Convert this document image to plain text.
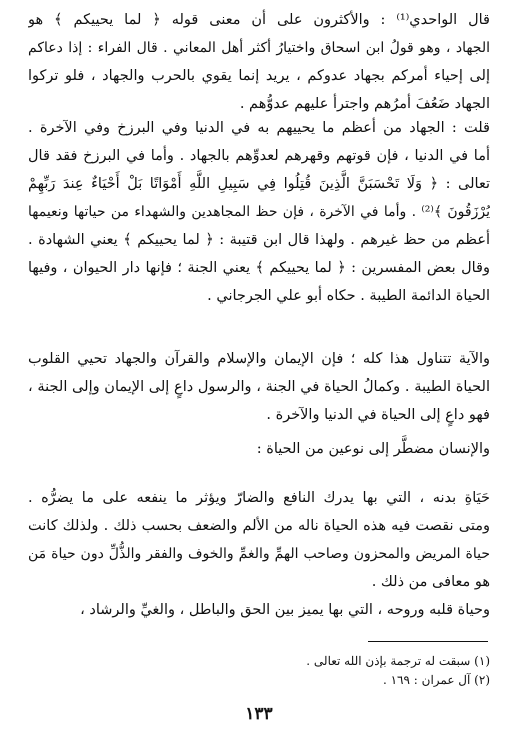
قال الواحدي⁽¹⁾ : والأكثرون على أن معنى قوله ﴿ لما يحييكم ﴾ هو
الجهاد ، وهو قولُ ابن اسحاق واختيارُ أكثر أهل المعاني . قال الفراء : إذا دعاكم
إلى إحياء أمركم بجهاد عدوكم ، يريد إنما يقوي بالحرب والجهاد ، فلو تركوا
الجهاد ضَعُفَ أمرُهم واجترأ عليهم عدوُّهم .
قلت : الجهاد من أعظم ما يحييهم به في الدنيا وفي البرزخ وفي الآخرة .
أما في الدنيا ، فإن قوتهم وقهرهم لعدوِّهم بالجهاد . وأما في البرزخ فقد قال
تعالى : ﴿ وَلَا تَحْسَبَنَّ الَّذِينَ قُتِلُوا فِي سَبِيلِ اللَّهِ أَمْوَاتًا بَلْ أَحْيَاءٌ عِندَ رَبِّهِمْ
يُرْزَقُونَ ﴾⁽²⁾ . وأما في الآخرة ، فإن حظ المجاهدين والشهداء من حياتها ونعيمها
أعظم من حظ غيرهم . ولهذا قال ابن قتيبة : ﴿ لما يحييكم ﴾ يعني الشهادة .
وقال بعض المفسرين : ﴿ لما يحييكم ﴾ يعني الجنة ؛ فإنها دار الحيوان ، وفيها
الحياة الدائمة الطيبة . حكاه أبو علي الجرجاني .
والآية تتناول هذا كله ؛ فإن الإيمان والإسلام والقرآن والجهاد تحيي القلوب
الحياة الطيبة . وكمالُ الحياة في الجنة ، والرسول داعٍ إلى الإيمان وإلى الجنة ،
فهو داعٍ إلى الحياة في الدنيا والآخرة .
والإنسان مضطَّر إلى نوعين من الحياة :
حَيَاةِ بدنه ، التي بها يدرك النافع والضارّ ويؤثر ما ينفعه على ما يضرُّه .
ومتى نقصت فيه هذه الحياة ناله من الألم والضعف بحسب ذلك . ولذلك كانت
حياة المريض والمحزون وصاحب الهمِّ والغمِّ والخوف والفقر والذُّلِّ دون حياة مَن
هو معافى من ذلك .
وحياة قلبه وروحه ، التي بها يميز بين الحق والباطل ، والغيِّ والرشاد ،
(١) سبقت له ترجمة بإذن الله تعالى .
(٢) آل عمران : ١٦٩ .
١٣٣
